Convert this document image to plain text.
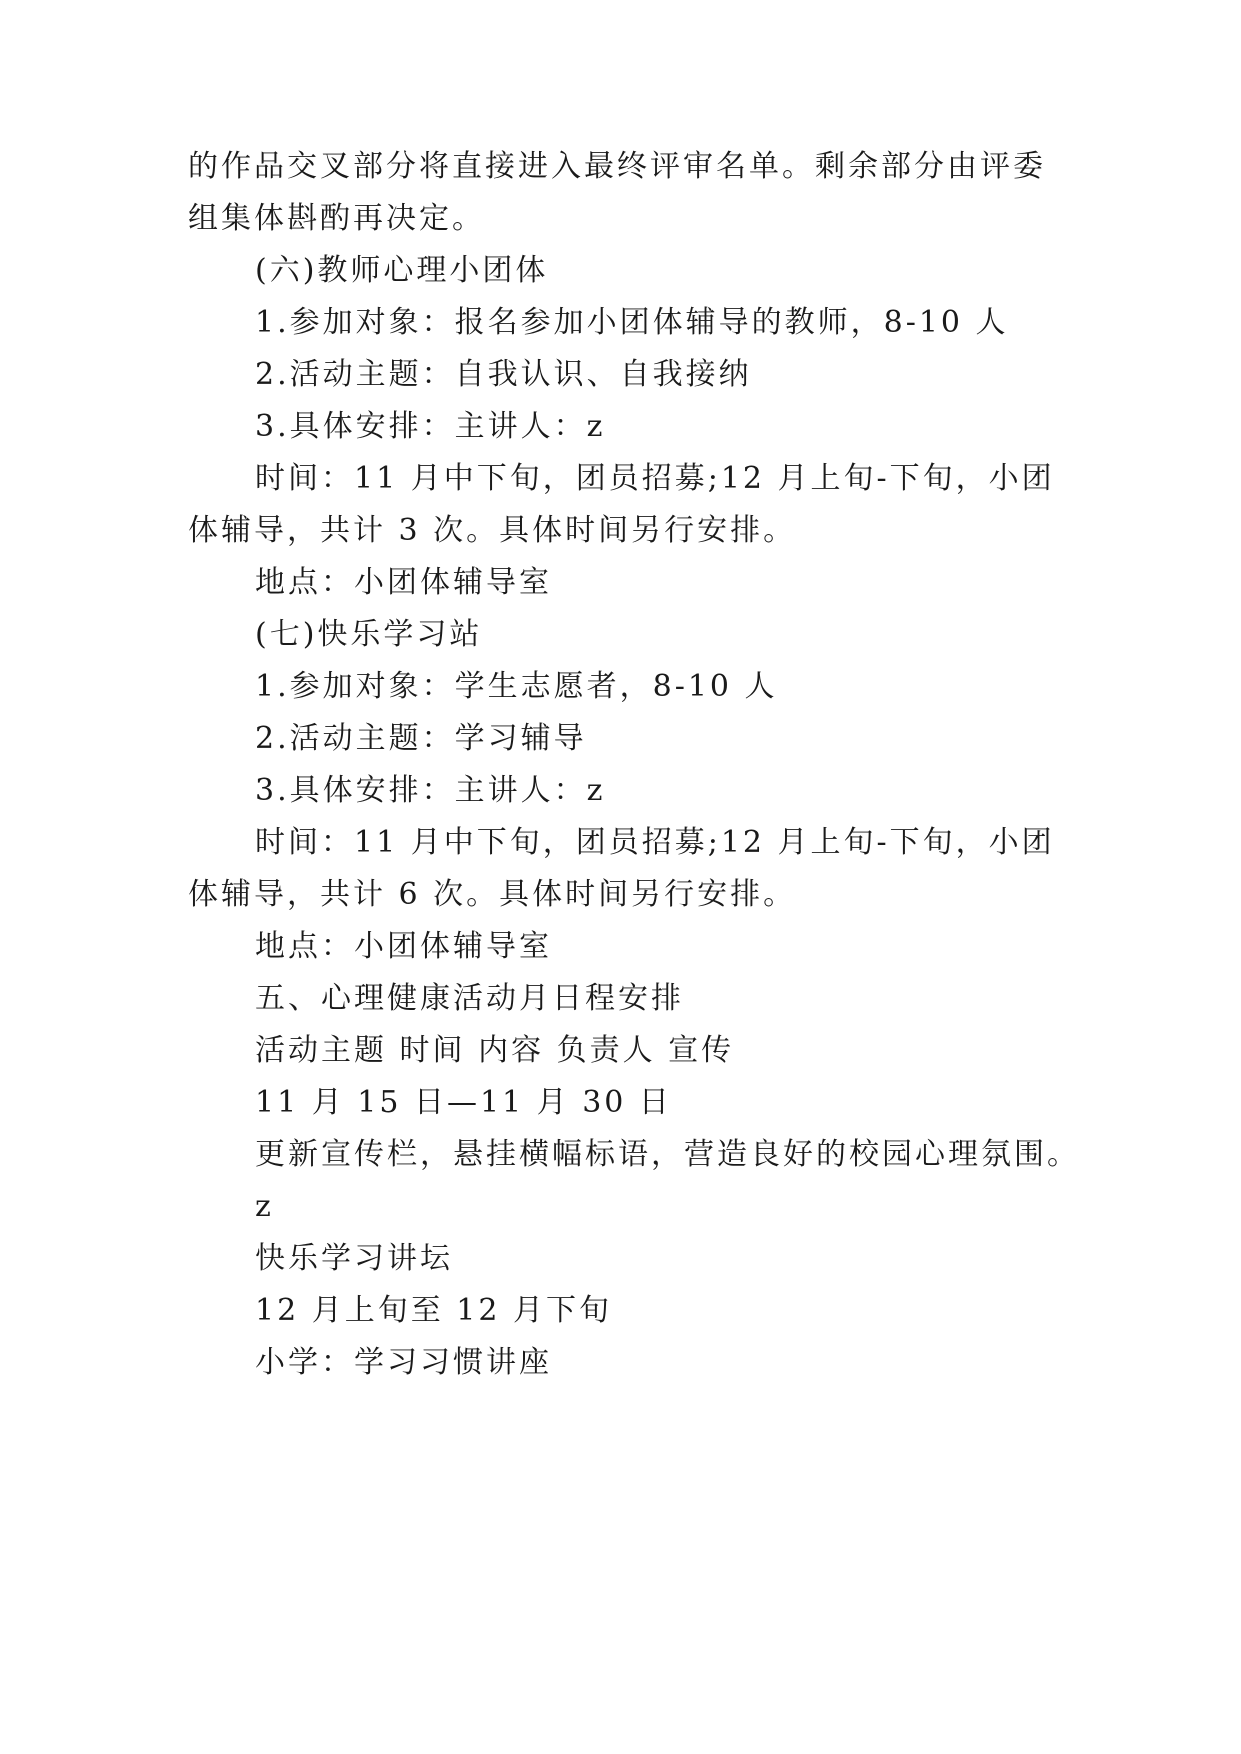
的作品交叉部分将直接进入最终评审名单。剩余部分由评委
组集体斟酌再决定。
(六)教师心理小团体
1.参加对象：报名参加小团体辅导的教师，8-10 人
2.活动主题：自我认识、自我接纳
3.具体安排：主讲人：z
时间：11 月中下旬，团员招募;12 月上旬-下旬，小团
体辅导，共计 3 次。具体时间另行安排。
地点：小团体辅导室
(七)快乐学习站
1.参加对象：学生志愿者，8-10 人
2.活动主题：学习辅导
3.具体安排：主讲人：z
时间：11 月中下旬，团员招募;12 月上旬-下旬，小团
体辅导，共计 6 次。具体时间另行安排。
地点：小团体辅导室
五、心理健康活动月日程安排
活动主题 时间 内容 负责人 宣传
11 月 15 日—11 月 30 日
更新宣传栏，悬挂横幅标语，营造良好的校园心理氛围。
z
快乐学习讲坛
12 月上旬至 12 月下旬
小学：学习习惯讲座
